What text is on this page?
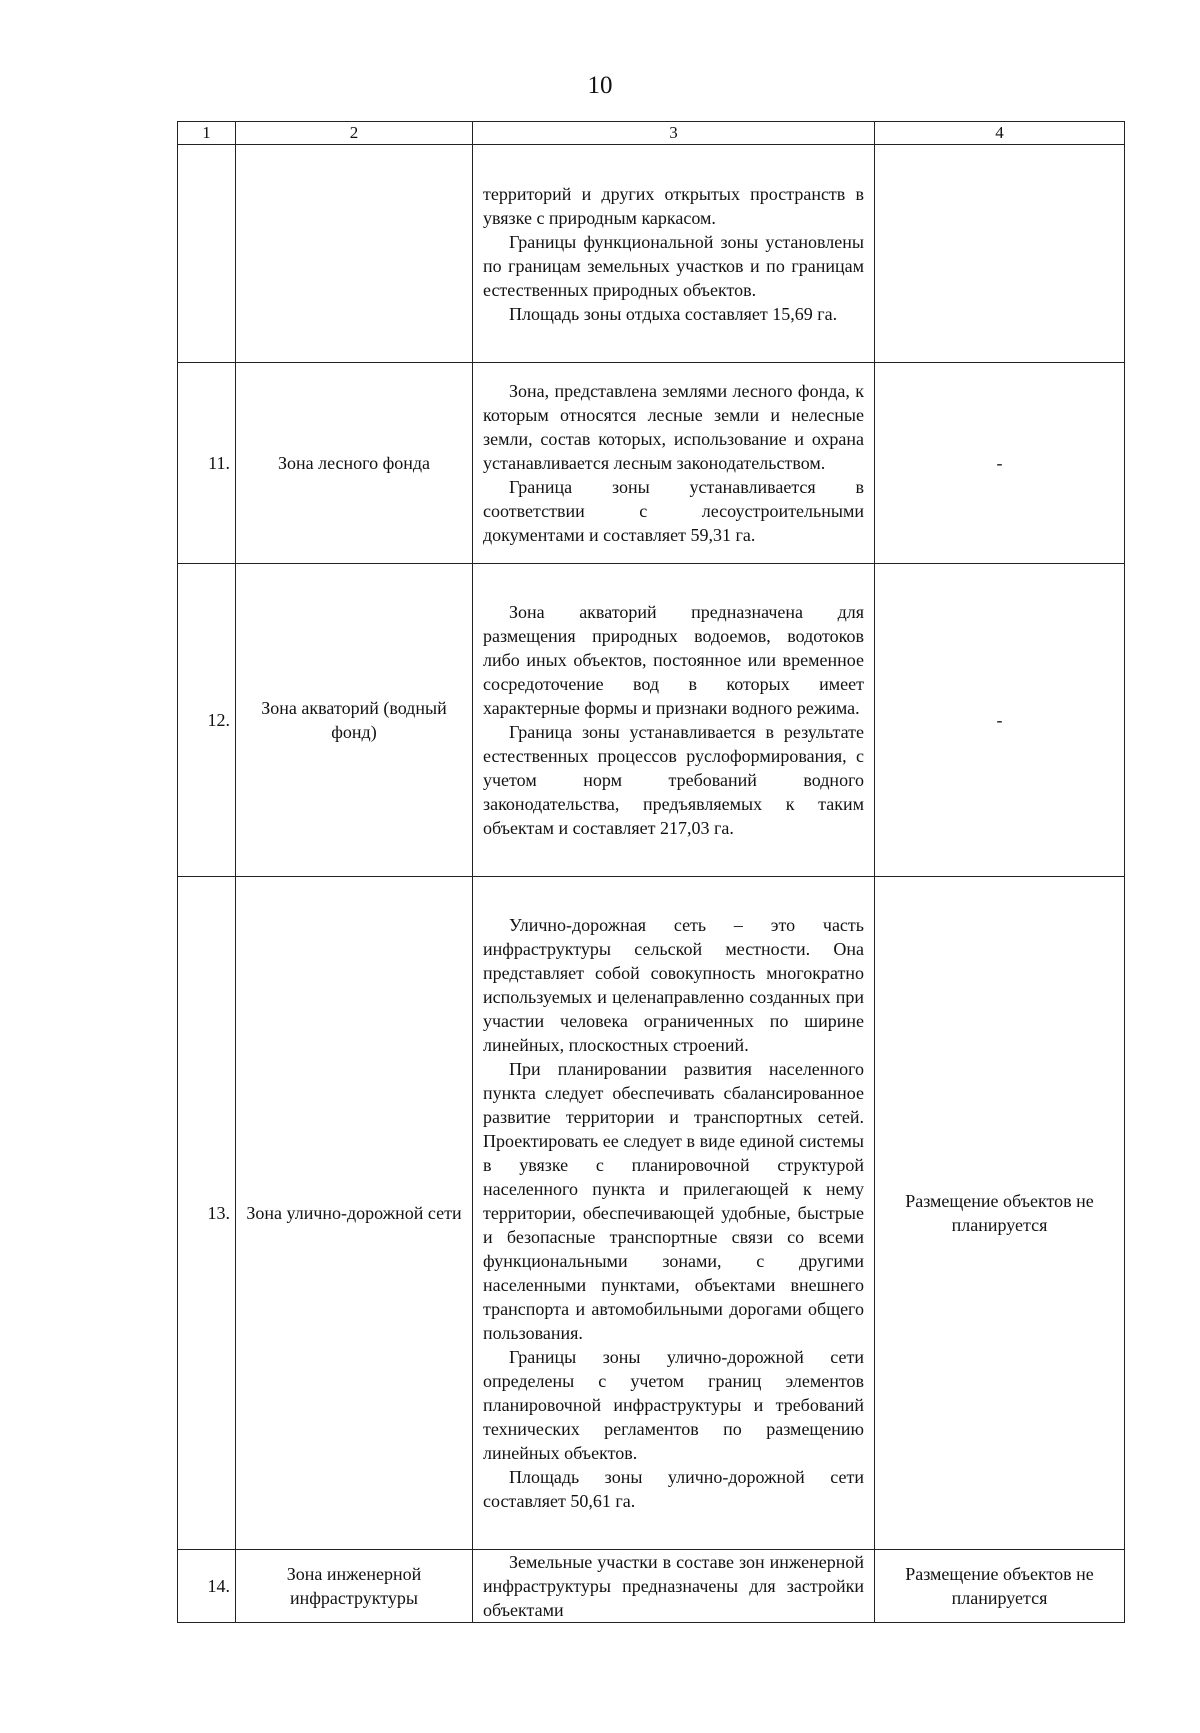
10
1	2	3	4

		территорий и других открытых пространств в увязке с природным каркасом.

Границы функциональной зоны установлены по границам земельных участков и по границам естественных природных объектов.

Площадь зоны отдыха составляет 15,69 га.	

11.	Зона лесного фонда	Зона, представлена землями лесного фонда, к которым относятся лесные земли и нелесные земли, состав которых, использование и охрана устанавливается лесным законодательством.

Граница зоны устанавливается в соответствии с лесоустроительными документами и составляет 59,31 га.	-
12.	Зона акваторий (водный фонд)	Зона акваторий предназначена для размещения природных водоемов, водотоков либо иных объектов, постоянное или временное сосредоточение вод в которых имеет характерные формы и признаки водного режима.

Граница зоны устанавливается в результате естественных процессов руслоформирования, с учетом норм требований водного законодательства, предъявляемых к таким объектам и составляет 217,03 га.	-
13.	Зона улично-дорожной сети	Улично-дорожная сеть – это часть инфраструктуры сельской местности. Она представляет собой совокупность многократно используемых и целенаправленно созданных при участии человека ограниченных по ширине линейных, плоскостных строений.

При планировании развития населенного пункта следует обеспечивать сбалансированное развитие территории и транспортных сетей. Проектировать ее следует в виде единой системы в увязке с планировочной структурой населенного пункта и прилегающей к нему территории, обеспечивающей удобные, быстрые и безопасные транспортные связи со всеми функциональными зонами, с другими населенными пунктами, объектами внешнего транспорта и автомобильными дорогами общего пользования.

Границы зоны улично-дорожной сети определены с учетом границ элементов планировочной инфраструктуры и требований технических регламентов по размещению линейных объектов.

Площадь зоны улично-дорожной сети составляет 50,61 га.	Размещение объектов не планируется
14.	Зона инженерной инфраструктуры	Земельные участки в составе зон инженерной инфраструктуры предназначены для застройки объектами	Размещение объектов не планируется
